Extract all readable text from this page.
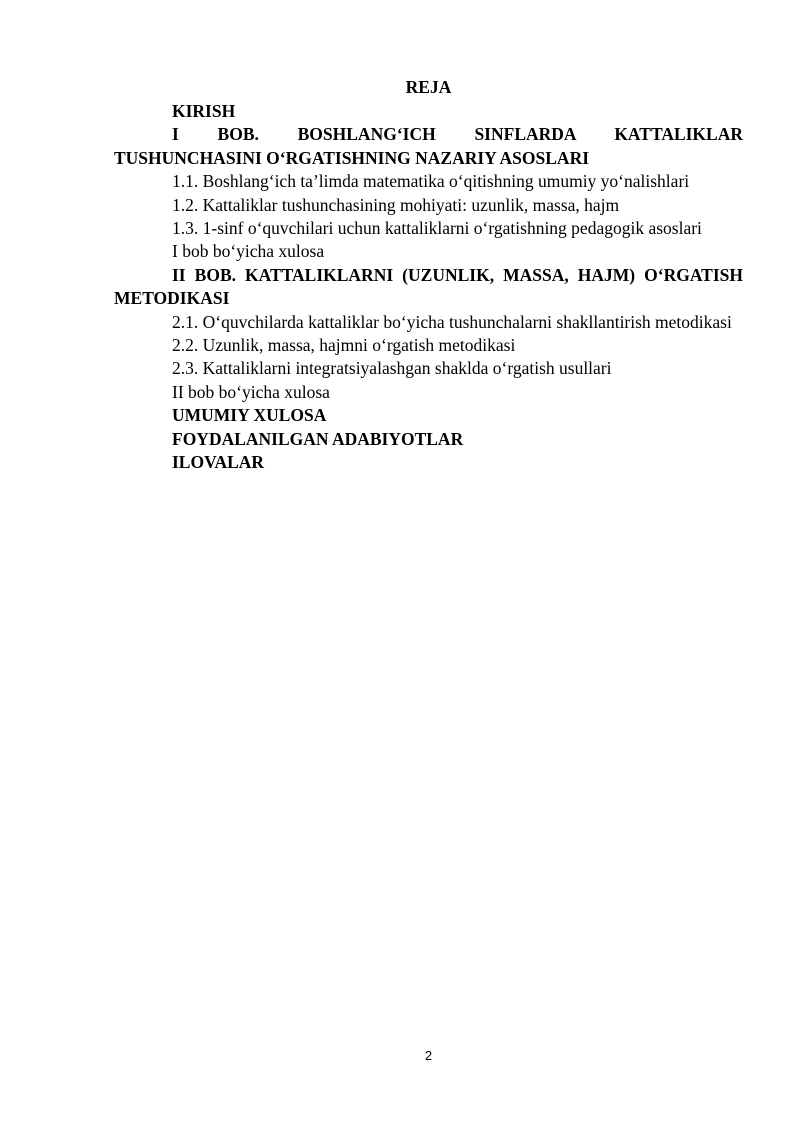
REJA

KIRISH

I BOB. BOSHLANG‘ICH SINFLARDA KATTALIKLAR TUSHUNCHASINI O‘RGATISHNING NAZARIY ASOSLARI

1.1. Boshlang‘ich ta’limda matematika o‘qitishning umumiy yo‘nalishlari

1.2. Kattaliklar tushunchasining mohiyati: uzunlik, massa, hajm

1.3. 1-sinf o‘quvchilari uchun kattaliklarni o‘rgatishning pedagogik asoslari

I bob bo‘yicha xulosa

II BOB. KATTALIKLARNI (UZUNLIK, MASSA, HAJM) O‘RGATISH METODIKASI

2.1. O‘quvchilarda kattaliklar bo‘yicha tushunchalarni shakllantirish metodikasi

2.2. Uzunlik, massa, hajmni o‘rgatish metodikasi

2.3. Kattaliklarni integratsiyalashgan shaklda o‘rgatish usullari

II bob bo‘yicha xulosa

UMUMIY XULOSA

FOYDALANILGAN ADABIYOTLAR

ILOVALAR

2
